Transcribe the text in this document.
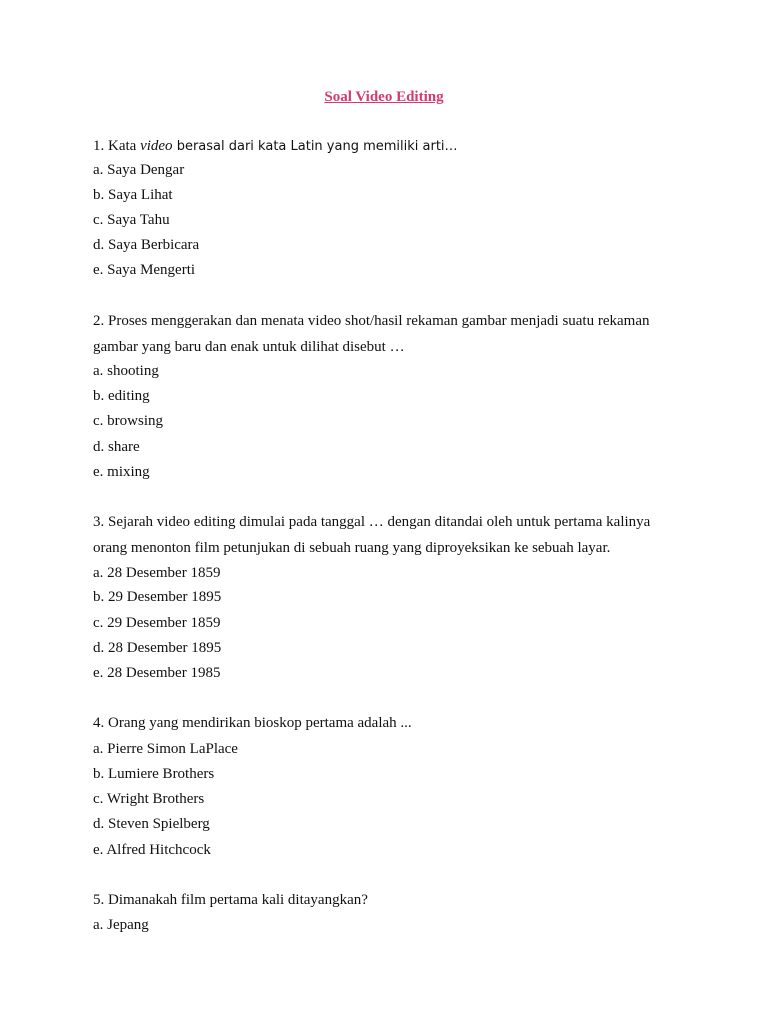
Soal Video Editing
1. Kata video berasal dari kata Latin yang memiliki arti…
a. Saya Dengar
b. Saya Lihat
c. Saya Tahu
d. Saya Berbicara
e. Saya Mengerti
2. Proses menggerakan dan menata video shot/hasil rekaman gambar menjadi suatu rekaman
gambar yang baru dan enak untuk dilihat disebut …
a. shooting
b. editing
c. browsing
d. share
e. mixing
3. Sejarah video editing dimulai pada tanggal … dengan ditandai oleh untuk pertama kalinya
orang menonton film petunjukan di sebuah ruang yang diproyeksikan ke sebuah layar.
a. 28 Desember 1859
b. 29 Desember 1895
c. 29 Desember 1859
d. 28 Desember 1895
e. 28 Desember 1985
4. Orang yang mendirikan bioskop pertama adalah ...
a. Pierre Simon LaPlace
b. Lumiere Brothers
c. Wright Brothers
d. Steven Spielberg
e. Alfred Hitchcock
5. Dimanakah film pertama kali ditayangkan?
a. Jepang
